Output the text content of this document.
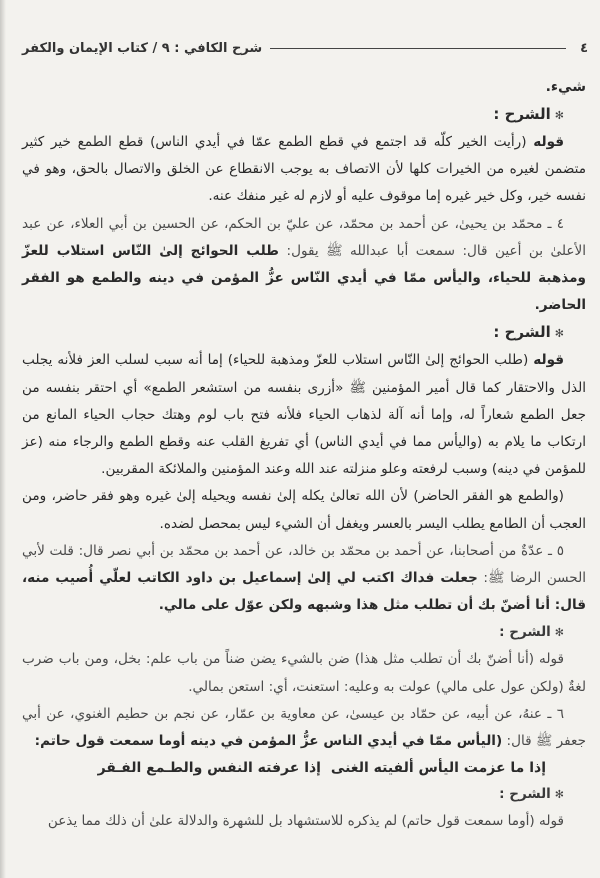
٤
شرح الكافي : ٩ / كتاب الإيمان والكفر

شيء.

✻الشرح :

قوله (رأيت الخير كلّه قد اجتمع في قطع الطمع عمّا في أيدي الناس) قطع الطمع خير كثير متضمن لغيره من الخيرات كلها لأن الاتصاف به يوجب الانقطاع عن الخلق والاتصال بالحق، وهو في نفسه خير، وكل خير غيره إما موقوف عليه أو لازم له غير منفك عنه.

٤ ـ محمّد بن يحيىٰ، عن أحمد بن محمّد، عن عليّ بن الحكم، عن الحسين بن أبي العلاء، عن عبد الأعلىٰ بن أعين قال: سمعت أبا عبدالله ﷺ يقول: طلب الحوائج إلىٰ النّاس استلاب للعزّ ومذهبة للحياء، واليأس ممّا في أيدي النّاس عزُّ المؤمن في دينه والطمع هو الفقر الحاضر.

✻الشرح :

قوله (طلب الحوائج إلىٰ النّاس استلاب للعزّ ومذهبة للحياء) إما أنه سبب لسلب العز فلأنه يجلب الذل والاحتقار كما قال أمير المؤمنين ﷺ «أزرى بنفسه من استشعر الطمع» أي احتقر بنفسه من جعل الطمع شعاراً له، وإما أنه آلة لذهاب الحياء فلأنه فتح باب لوم وهتك حجاب الحياء المانع من ارتكاب ما يلام به (واليأس مما في أيدي الناس) أي تفريغ القلب عنه وقطع الطمع والرجاء منه (عز للمؤمن في دينه) وسبب لرفعته وعلو منزلته عند الله وعند المؤمنين والملائكة المقربين.

(والطمع هو الفقر الحاضر) لأن الله تعالىٰ يكله إلىٰ نفسه ويحيله إلىٰ غيره وهو فقر حاضر، ومن العجب أن الطامع يطلب اليسر بالعسر ويغفل أن الشيء ليس بمحصل لضده.

٥ ـ عدّةٌ من أصحابنا، عن أحمد بن محمّد بن خالد، عن أحمد بن محمّد بن أبي نصر قال: قلت لأبي الحسن الرضا ﷺ: جعلت فداك اكتب لي إلىٰ إسماعيل بن داود الكاتب لعلّي أُصيب منه، قال: أنا أضنّ بك أن تطلب مثل هذا وشبهه ولكن عوّل على مالي.

✻الشرح :

قوله (أنا أضنّ بك أن تطلب مثل هذا) ضن بالشيء يضن ضناً من باب علم: بخل، ومن باب ضرب لغةٌ (ولكن عول على مالي) عولت به وعليه: استعنت، أي: استعن بمالي.

٦ ـ عنهُ، عن أبيه، عن حمّاد بن عيسىٰ، عن معاوية بن عمّار، عن نجم بن حطيم الغنوي، عن أبي جعفر ﷺ قال: (اليأس ممّا في أيدي الناس عزُّ المؤمن في دينه أوما سمعت قول حاتم:

إذا ما عزمت اليأس ألفيته الغنى
إذا عرفته النفس والطـمع الفـقر

✻الشرح :

قوله (أوما سمعت قول حاتم) لم يذكره للاستشهاد بل للشهرة والدلالة علىٰ أن ذلك مما يذعن
